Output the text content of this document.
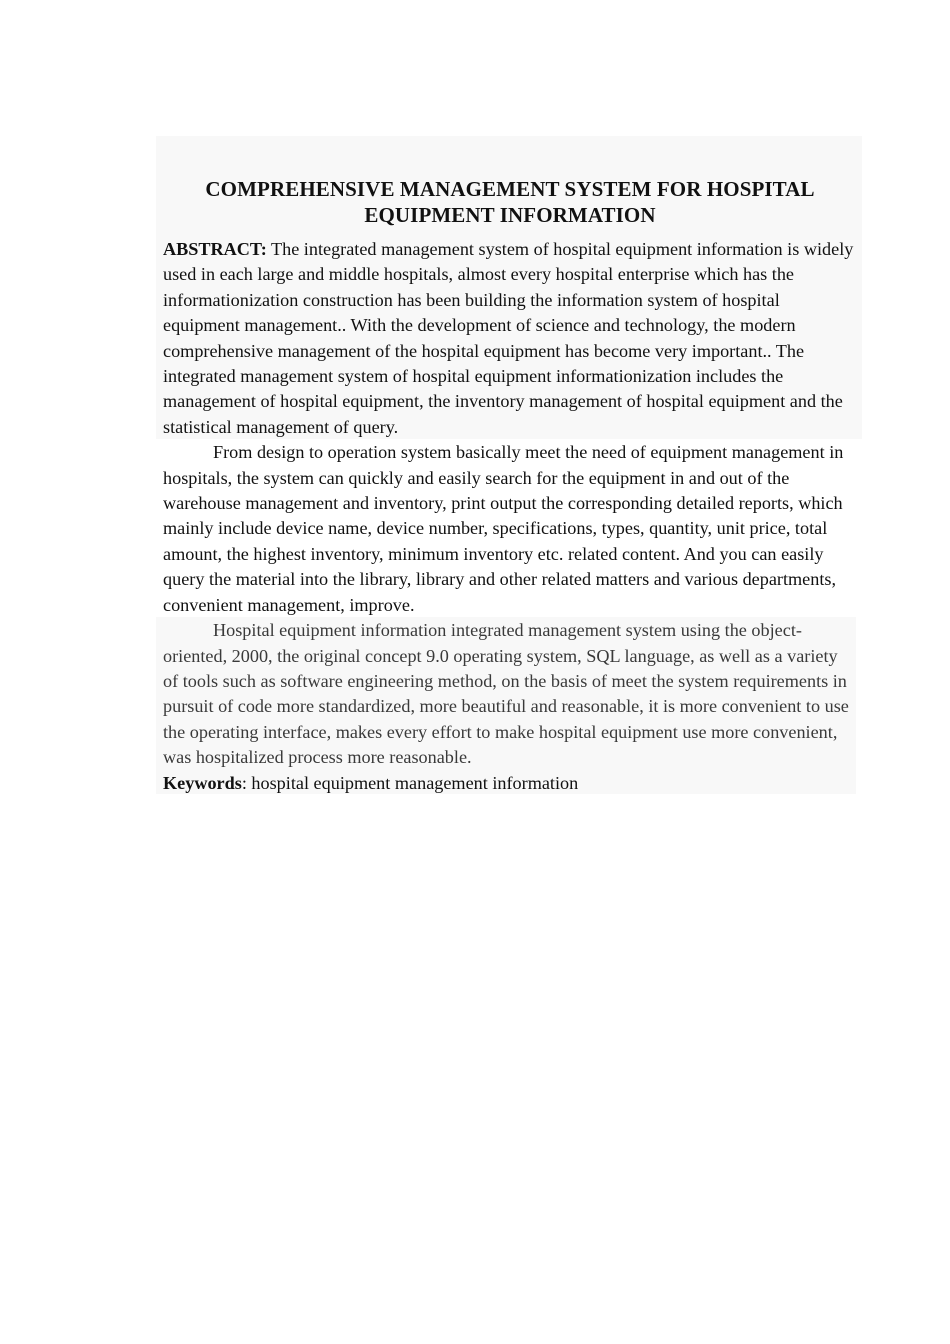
COMPREHENSIVE MANAGEMENT SYSTEM FOR HOSPITAL EQUIPMENT INFORMATION

ABSTRACT: The integrated management system of hospital equipment information is widely used in each large and middle hospitals, almost every hospital enterprise which has the informationization construction has been building the information system of hospital equipment management.. With the development of science and technology, the modern comprehensive management of the hospital equipment has become very important.. The integrated management system of hospital equipment informationization includes the management of hospital equipment, the inventory management of hospital equipment and the statistical management of query.

From design to operation system basically meet the need of equipment management in hospitals, the system can quickly and easily search for the equipment in and out of the warehouse management and inventory, print output the corresponding detailed reports, which mainly include device name, device number, specifications, types, quantity, unit price, total amount, the highest inventory, minimum inventory etc. related content. And you can easily query the material into the library, library and other related matters and various departments, convenient management, improve.

Hospital equipment information integrated management system using the object-oriented, 2000, the original concept 9.0 operating system, SQL language, as well as a variety of tools such as software engineering method, on the basis of meet the system requirements in pursuit of code more standardized, more beautiful and reasonable, it is more convenient to use the operating interface, makes every effort to make hospital equipment use more convenient, was hospitalized process more reasonable.

Keywords: hospital equipment management information
